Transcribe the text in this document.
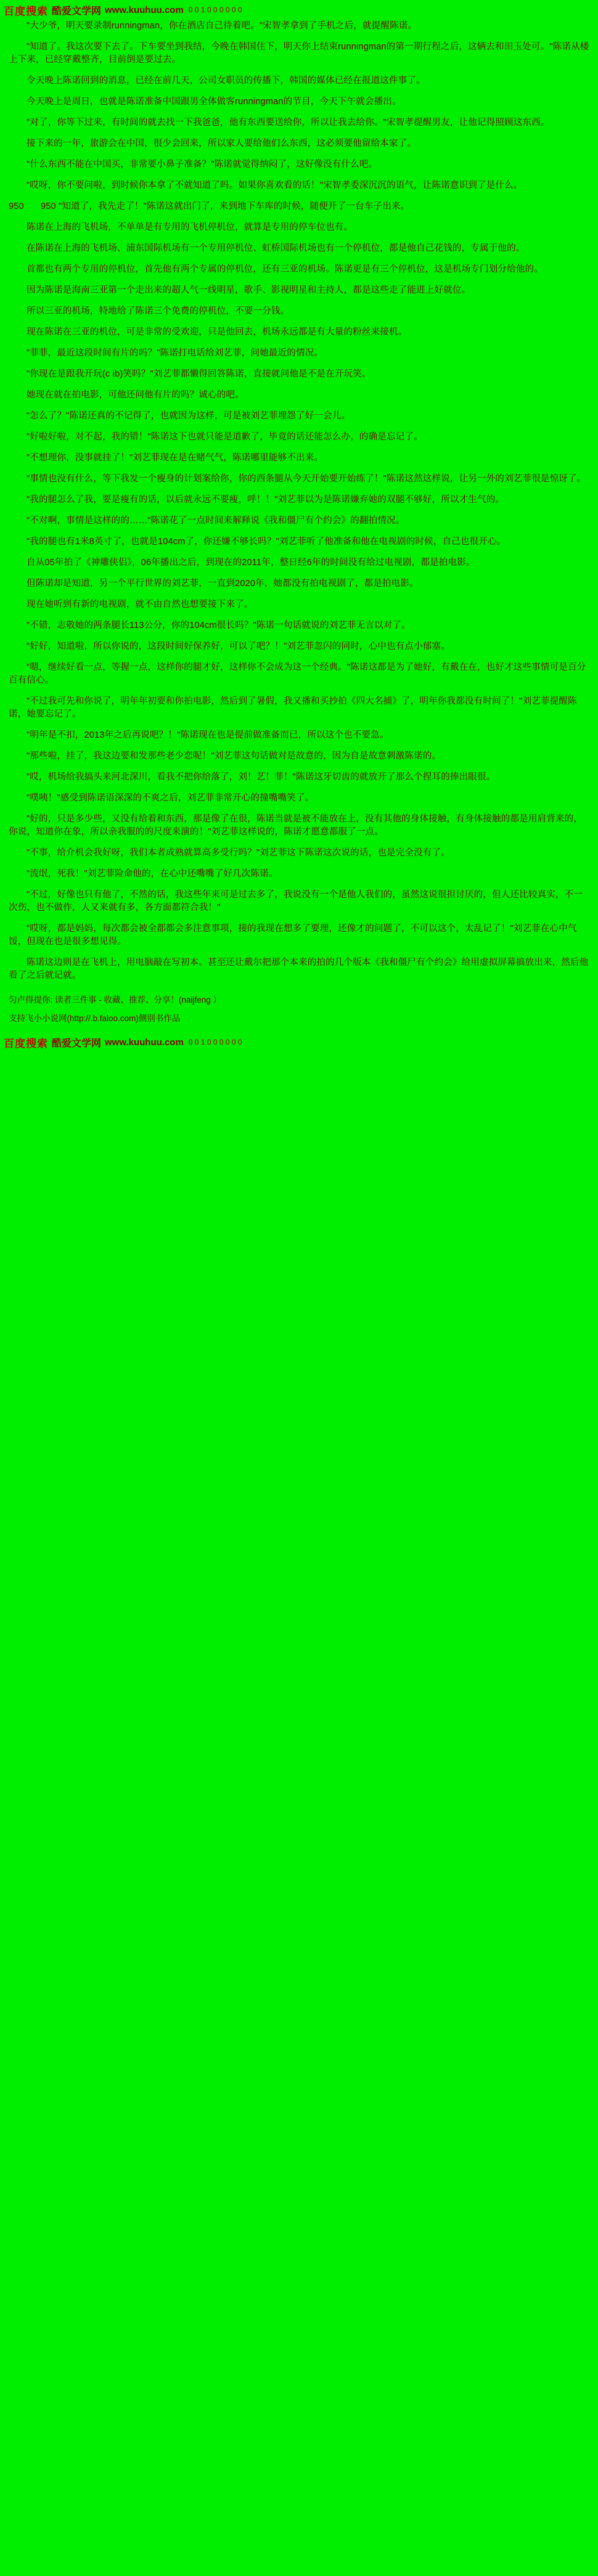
百度搜索 酷爱文学网 www.kuuhuu.com 0 0 1 0 0 0 0 0 0

"大少爷，明天要录制runningman，你在酒店自己待着吧。"宋智孝拿到了手机之后，就提醒陈诺。

"知道了。我这次要下去了。下车要坐到我结，今晚在韩国住下，明天你上结束runningman的第一期行程之后，这辆去和田玉处可。"陈诺从楼上下来，已经穿戴整齐，目前倒是要过去。

令天晚上陈诺回到的消息，已经在前几天，公司女职员的传播下，韩国的媒体已经在报道这件事了。

今天晚上是周日，也就是陈诺准备中国跟男全体做客runningman的节目，今天下午就会播出。

"对了，你等下过来，有时间的就去找一下我爸爸，他有东西要送给你，所以让我去给你。"宋智孝提醒男友，让他记得照顾这东西。

接下来的一年，旅游会在中国，很少会回来，所以家人要给他们么东西，这必须要他留给本家了。

"什么东西不能在中国买，非常要小鼻子准备？"陈诺就觉得纳闷了，这好像没有什么吧。

"哎呀，你不要问啦，到时候你本拿了不就知道了吗。如果你喜欢看的话！"宋智孝委深沉沉的语气，让陈诺意识到了是什么。

950 950 "知道了，我先走了！"陈诺这就出门了，来到地下车库的时候，随便开了一台车子出来。

陈诺在上海的飞机场，不单单是有专用的飞机停机位，就算是专用的停车位也有。

在陈诺在上海的飞机场、浦东国际机场有一个专用停机位、虹桥国际机场也有一个停机位，都是他自己花钱的，专属于他的。

首都也有两个专用的停机位，首先他有两个专属的停机位，还有三亚的机场。陈诺更是有三个停机位，这是机场专门划分给他的。

因为陈诺是海南三亚第一个走出来的超人气一线明星，歌手、影视明星和主持人，都是这些走了能进上好就位。

所以三亚的机场，特地给了陈诺三个免费的停机位，不要一分钱。

现在陈诺在三亚的机位，可是非常的受欢迎，只是他回去，机场永远都是有大量的粉丝来接机。

"菲菲，最近这段时间有片的吗？"陈诺打电话给刘艺菲，问她最近的情况。

"你现在是跟我开玩(c ib)笑吗？"刘艺菲都懒得回答陈诺，直接就问他是不是在开玩笑。

她现在就在拍电影，可他还问他有片的吗？诚心的吧。

"怎么了？"陈诺还真的不记得了，也就因为这样，可是被刘艺菲埋怨了好一会儿。

"好啦好啦，对不起，我的错！"陈诺这下也就只能是道歉了，毕竟的话还能怎么办，的确是忘记了。

"不想理你，没事就挂了！"刘艺菲现在是在赌气气，陈诺哪里能够不出来。

"事情也没有什么，等下我发一个瘦身的计划案给你，你的西条腿从今天开始要开始练了！"陈诺这然这样说，让另一外的刘艺菲很是惊讶了。

"我的腿怎么了我，要是瘦有的话，以后就永远不要瘦，呼！！"刘艺菲以为是陈诺嫌弃她的双腿不够好，所以才生气的。

"不对啊，事情是这样的的……"陈诺花了一点时间来解释说《我和僵尸有个约会》的翻拍情况。

"我的腿也有1米8英寸了，也就是104cm了，你还嫌不够长吗？"刘艺菲听了他准备和他在电视剧的时候，自己也很开心。

自从05年拍了《神雕侠侣》，06年播出之后，到现在的2011年，整日经6年的时间没有给过电视剧，都是拍电影。

但陈诺却是知道，另一个平行世界的刘艺菲，一直到2020年，她都没有拍电视剧了，都是拍电影。

现在她听到有新的电视剧，就不由自然也想要接下来了。

"不错，志敬她的两条腿长113公分，你的104cm很长吗？"陈诺一句话就说的刘艺菲无言以对了。

"好好，知道啦，所以你说的，这段时间好保养好，可以了吧？！"刘艺菲忽闪的同时，心中也有点小郁塞。

"嗯，继续好看一点，等握一点，这样你的腿才好，这样你不会成为这一个经典。"陈诺这都是为了她好，有戴在在，也好才这些事情可是百分百有信心。

"不过我可先和你说了，明年年初要和你拍电影，然后到了暑假，我又播和买抄拍《四大名捕》了，明年你我都没有时间了！"刘艺菲提醒陈诺，她要忘记了。

"明年是不扣，2013年之后再说吧？！"陈诺现在也是提前做准备而已，所以这个也不要急。

"那些啦，挂了，我这边要和发那些老少恋呢！"刘艺菲这句话做对是故意的，因为自是故意刺激陈诺的。

"哎，机场给我搞头来河北深川，看我不把你给落了，刘！艺！菲！"陈诺这牙切齿的就放开了那么个捏耳的捧出眼很。

"噗咦！"感受到陈诺语深深的不爽之后，刘艺菲非常开心的撞嘴嘴笑了。

"好的，只是多少些，又没有给着和东西，那是像了在很，陈诺当就是被不能放在上，没有其他的身体接触，有身体接触的都是用肩背来的，你说，知道你在象，所以亲我服的的尺度来演的！"刘艺菲这样说的，陈诺才愿意都服了一点。

"不事，给介机会我好呀，我们本者成熟就算高多受行吗？"刘艺菲这下陈诺这次说的话，也是完全没有了。

"流氓，死我！"刘艺菲险命他的，在心中还嘴嘴了好几次陈诺。

"不过，好像也只有他了，不然的话，我这些年来可是过去多了，我说没有一个是他人我们的，虽然这说很担讨厌的，但人还比较真实，不一次伤，也不做作，人又来就有多，各方面都符合我！"

"哎呀，都是妈妈，每次都会被全都都会多注意事项，接的我现在想多了要理，还像才的问题了，不可以这个，太乱记了！"刘艺菲在心中气馁，但现在也是很多想见得。

陈诺这边则是在飞机上，用电脑敲在写初本。甚至还让戴尔把那个本来的拍的几个版本《我和僵尸有个约会》给用虚拟屏幕搞放出来，然后他看了之后就记就。

匀卢得提你: 读者三件事 - 收藏、推荐、分享！(naijfeng ）

支持飞小小说网(http://.b.faloo.com)侧别书作品

百度搜索 酷爱文学网 www.kuuhuu.com 0 0 1 0 0 0 0 0 0
